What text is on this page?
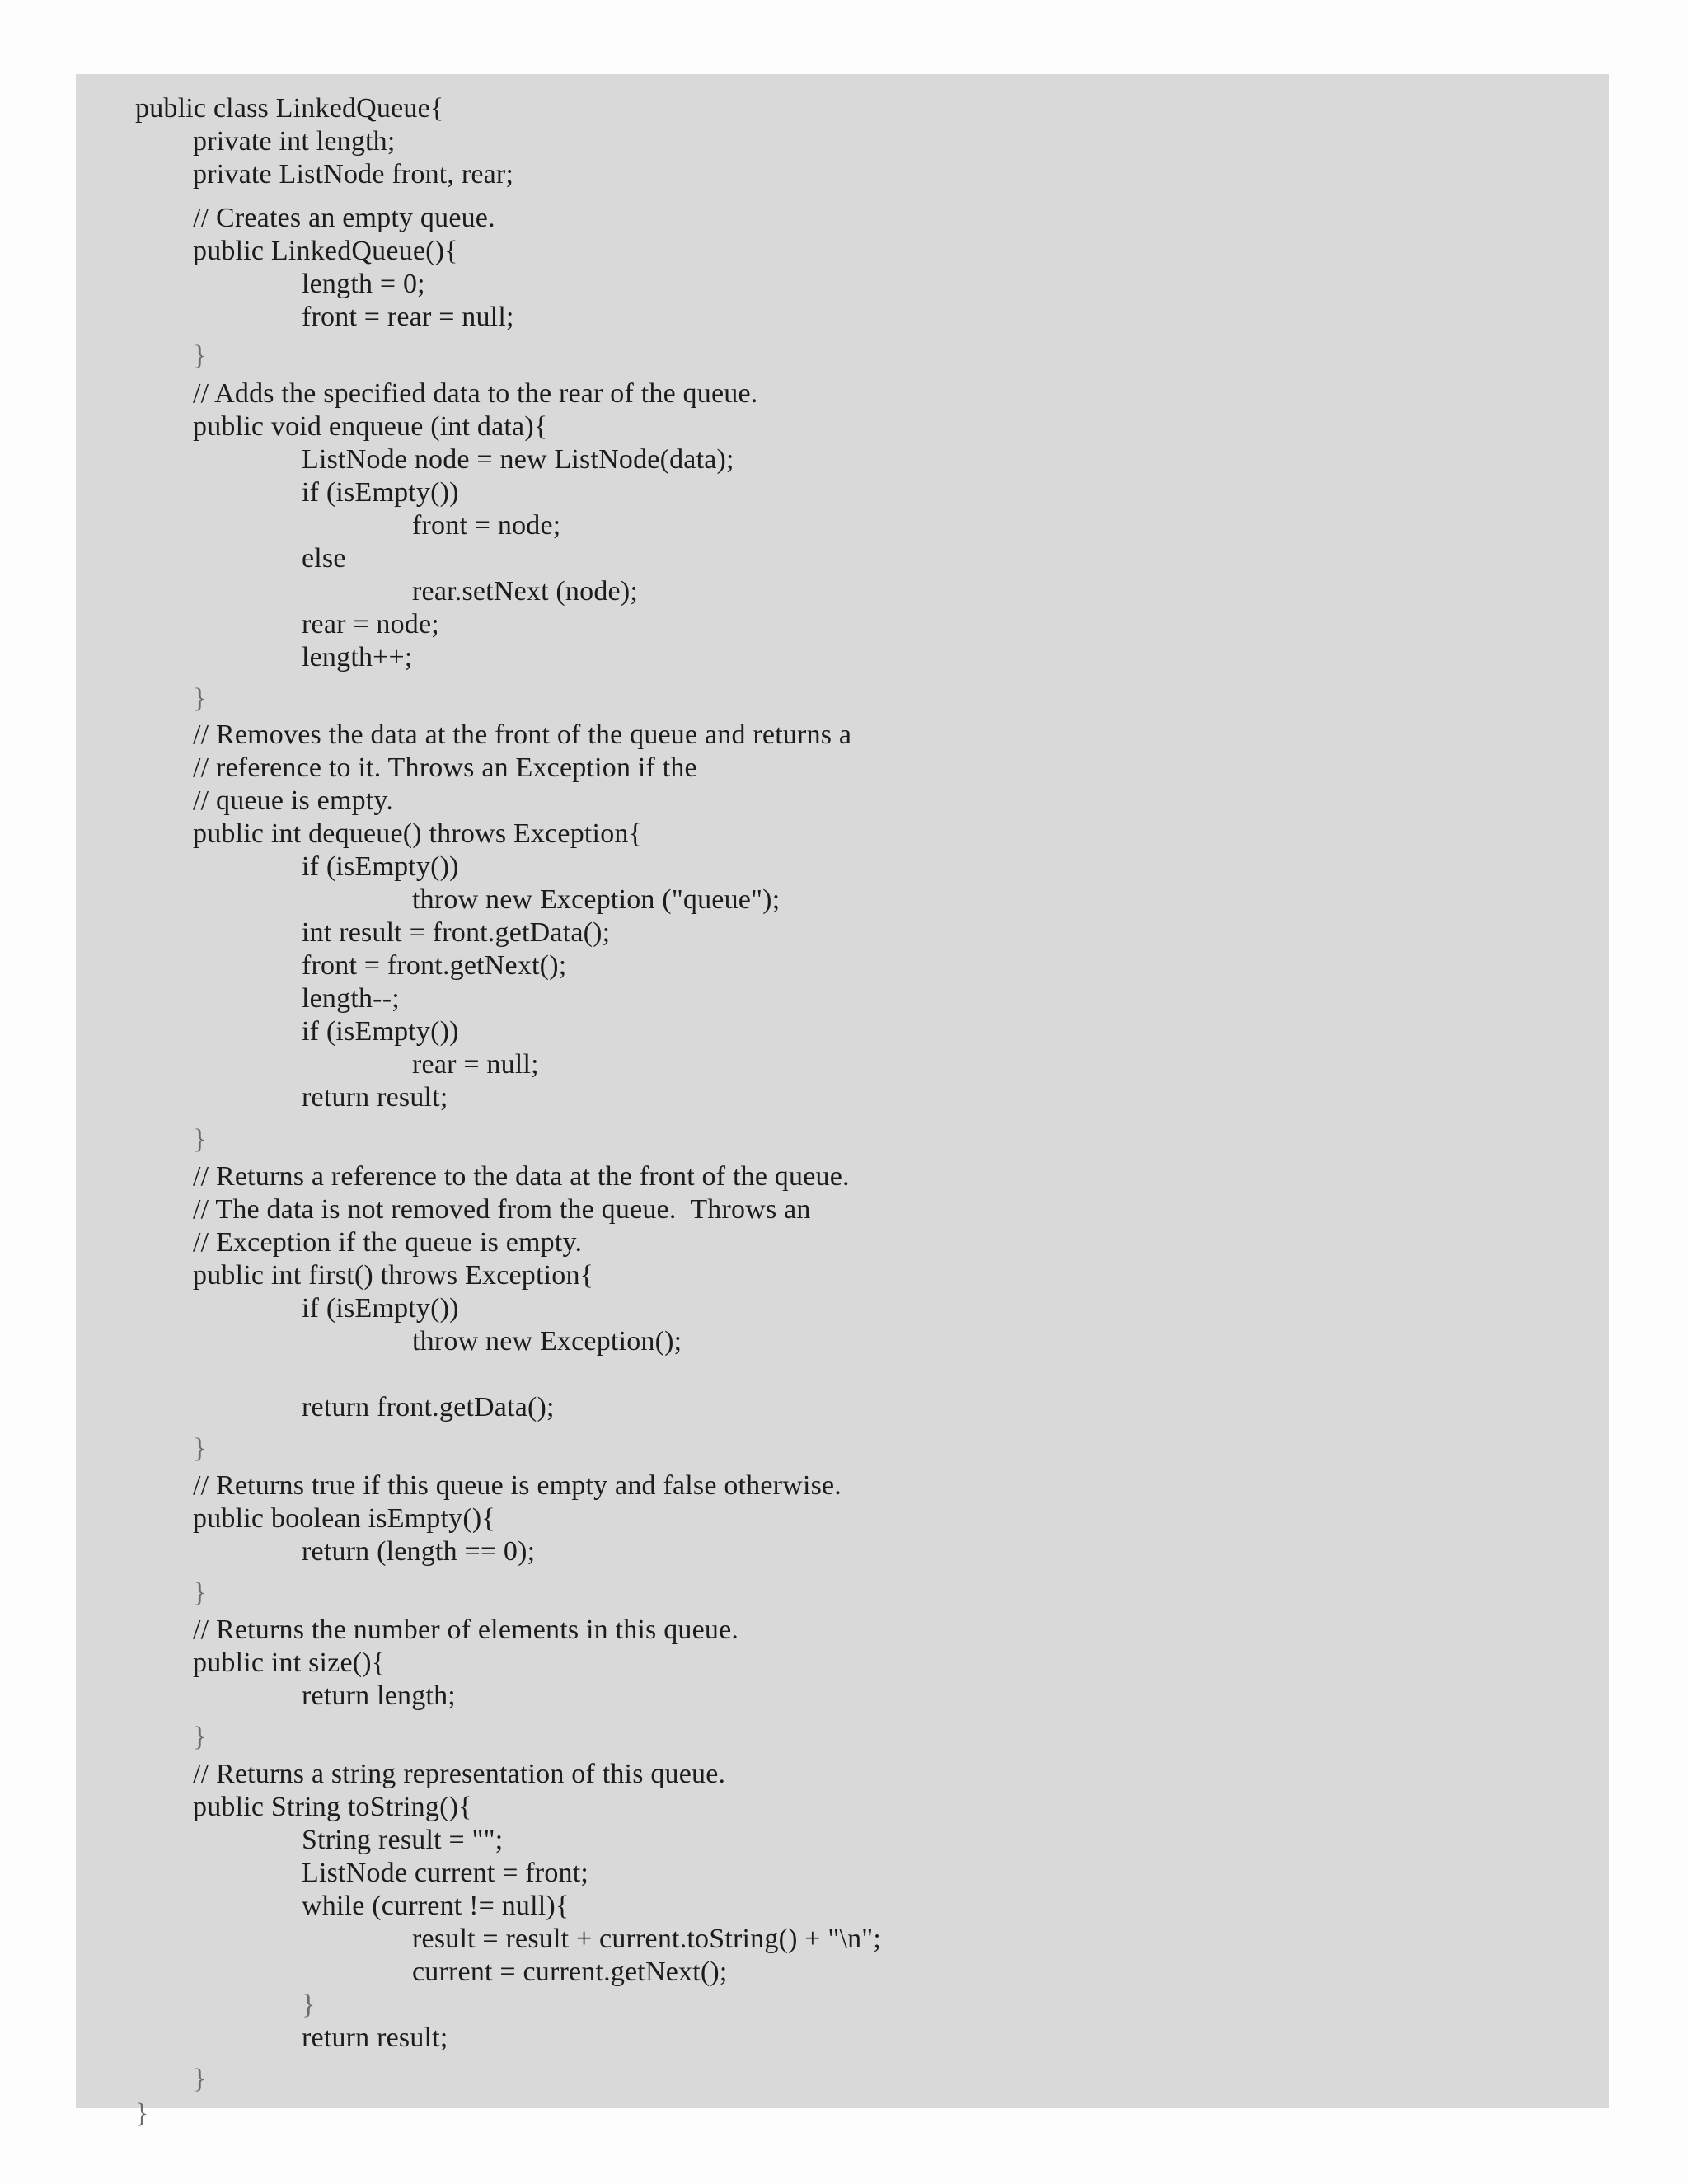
public class LinkedQueue{
private int length;
private ListNode front, rear;
// Creates an empty queue.
public LinkedQueue(){
length = 0;
front = rear = null;
}
// Adds the specified data to the rear of the queue.
public void enqueue (int data){
ListNode node = new ListNode(data);
if (isEmpty())
front = node;
else
rear.setNext (node);
rear = node;
length++;
}
// Removes the data at the front of the queue and returns a
// reference to it. Throws an Exception if the
// queue is empty.
public int dequeue() throws Exception{
if (isEmpty())
throw new Exception ("queue");
int result = front.getData();
front = front.getNext();
length--;
if (isEmpty())
rear = null;
return result;
}
// Returns a reference to the data at the front of the queue.
// The data is not removed from the queue.  Throws an
// Exception if the queue is empty.
public int first() throws Exception{
if (isEmpty())
throw new Exception();
return front.getData();
}
// Returns true if this queue is empty and false otherwise.
public boolean isEmpty(){
return (length == 0);
}
// Returns the number of elements in this queue.
public int size(){
return length;
}
// Returns a string representation of this queue.
public String toString(){
String result = "";
ListNode current = front;
while (current != null){
result = result + current.toString() + "\n";
current = current.getNext();
}
return result;
}
}
